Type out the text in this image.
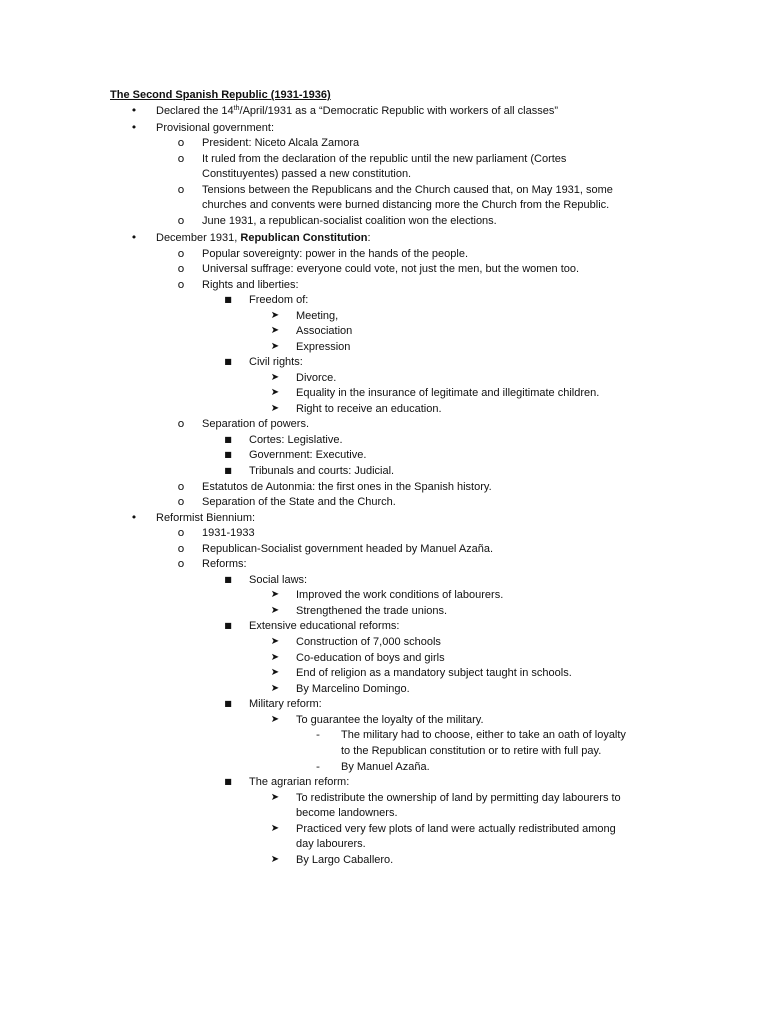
The Second Spanish Republic (1931-1936)
•	Declared the 14th/April/1931 as a “Democratic Republic with workers of all classes”
•	Provisional government:
o	President: Niceto Alcala Zamora
o	It ruled from the declaration of the republic until the new parliament (Cortes
Constituyentes) passed a new constitution.
o	Tensions between the Republicans and the Church caused that, on May 1931, some
churches and convents were burned distancing more the Church from the Republic.
o	June 1931, a republican-socialist coalition won the elections.
•	December 1931, Republican Constitution:
o	Popular sovereignty: power in the hands of the people.
o	Universal suffrage: everyone could vote, not just the men, but the women too.
o	Rights and liberties:
■	Freedom of:
➤	Meeting,
➤	Association
➤	Expression
■	Civil rights:
➤	Divorce.
➤	Equality in the insurance of legitimate and illegitimate children.
➤	Right to receive an education.
o	Separation of powers.
■	Cortes: Legislative.
■	Government: Executive.
■	Tribunals and courts: Judicial.
o	Estatutos de Autonmia: the first ones in the Spanish history.
o	Separation of the State and the Church.
•	Reformist Biennium:
o	1931-1933
o	Republican-Socialist government headed by Manuel Azaña.
o	Reforms:
■	Social laws:
➤	Improved the work conditions of labourers.
➤	Strengthened the trade unions.
■	Extensive educational reforms:
➤	Construction of 7,000 schools
➤	Co-education of boys and girls
➤	End of religion as a mandatory subject taught in schools.
➤	By Marcelino Domingo.
■	Military reform:
➤	To guarantee the loyalty of the military.
-	The military had to choose, either to take an oath of loyalty
to the Republican constitution or to retire with full pay.
-	By Manuel Azaña.
■	The agrarian reform:
➤	To redistribute the ownership of land by permitting day labourers to
become landowners.
➤	Practiced very few plots of land were actually redistributed among
day labourers.
➤	By Largo Caballero.
